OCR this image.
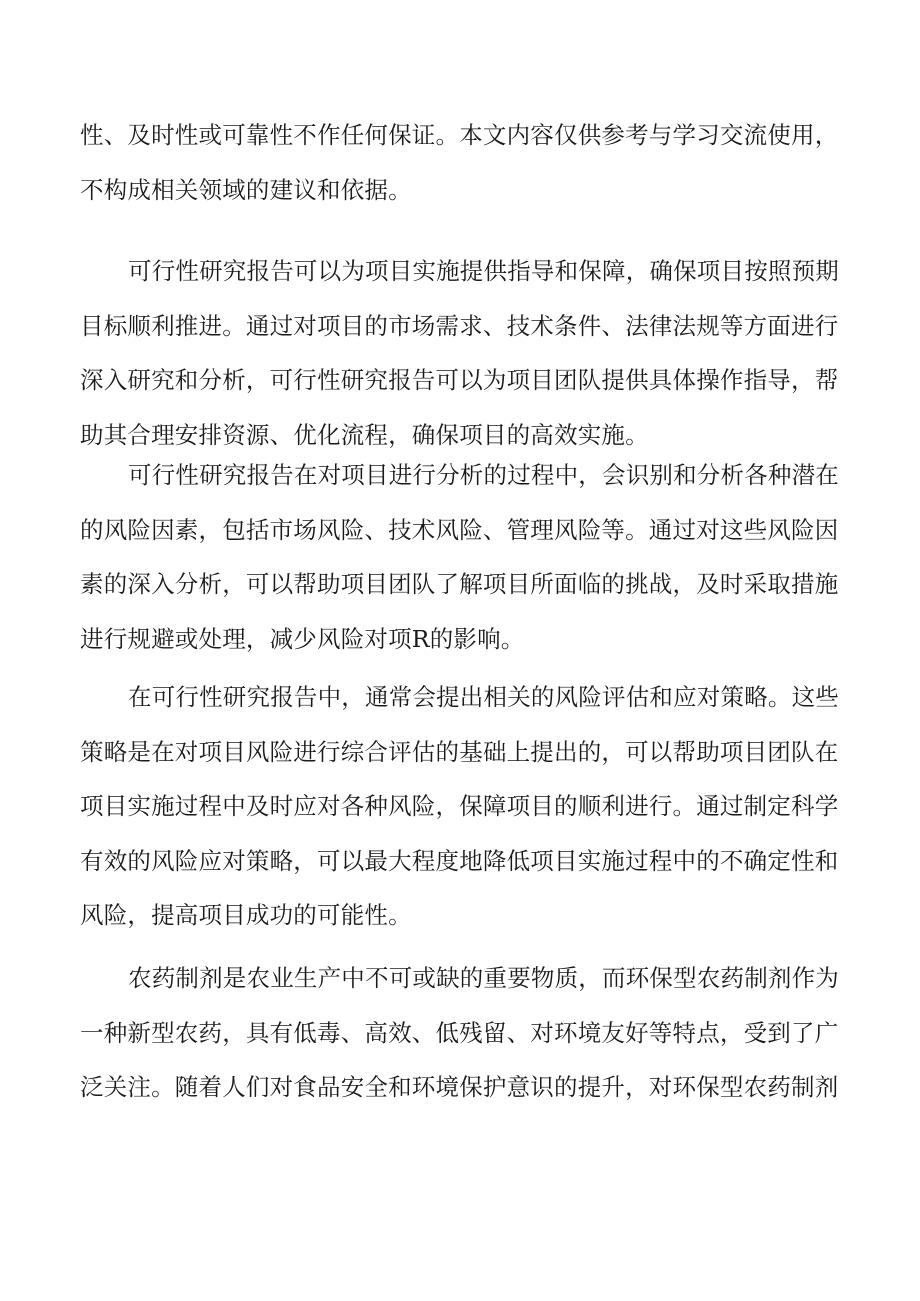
性、及时性或可靠性不作任何保证。本文内容仅供参考与学习交流使用，
不构成相关领域的建议和依据。

可行性研究报告可以为项目实施提供指导和保障，确保项目按照预期
目标顺利推进。通过对项目的市场需求、技术条件、法律法规等方面进行
深入研究和分析，可行性研究报告可以为项目团队提供具体操作指导，帮
助其合理安排资源、优化流程，确保项目的高效实施。

可行性研究报告在对项目进行分析的过程中，会识别和分析各种潜在
的风险因素，包括市场风险、技术风险、管理风险等。通过对这些风险因
素的深入分析，可以帮助项目团队了解项目所面临的挑战，及时采取措施
进行规避或处理，减少风险对项R的影响。

在可行性研究报告中，通常会提出相关的风险评估和应对策略。这些
策略是在对项目风险进行综合评估的基础上提出的，可以帮助项目团队在
项目实施过程中及时应对各种风险，保障项目的顺利进行。通过制定科学
有效的风险应对策略，可以最大程度地降低项目实施过程中的不确定性和
风险，提高项目成功的可能性。

农药制剂是农业生产中不可或缺的重要物质，而环保型农药制剂作为
一种新型农药，具有低毒、高效、低残留、对环境友好等特点，受到了广
泛关注。随着人们对食品安全和环境保护意识的提升，对环保型农药制剂
